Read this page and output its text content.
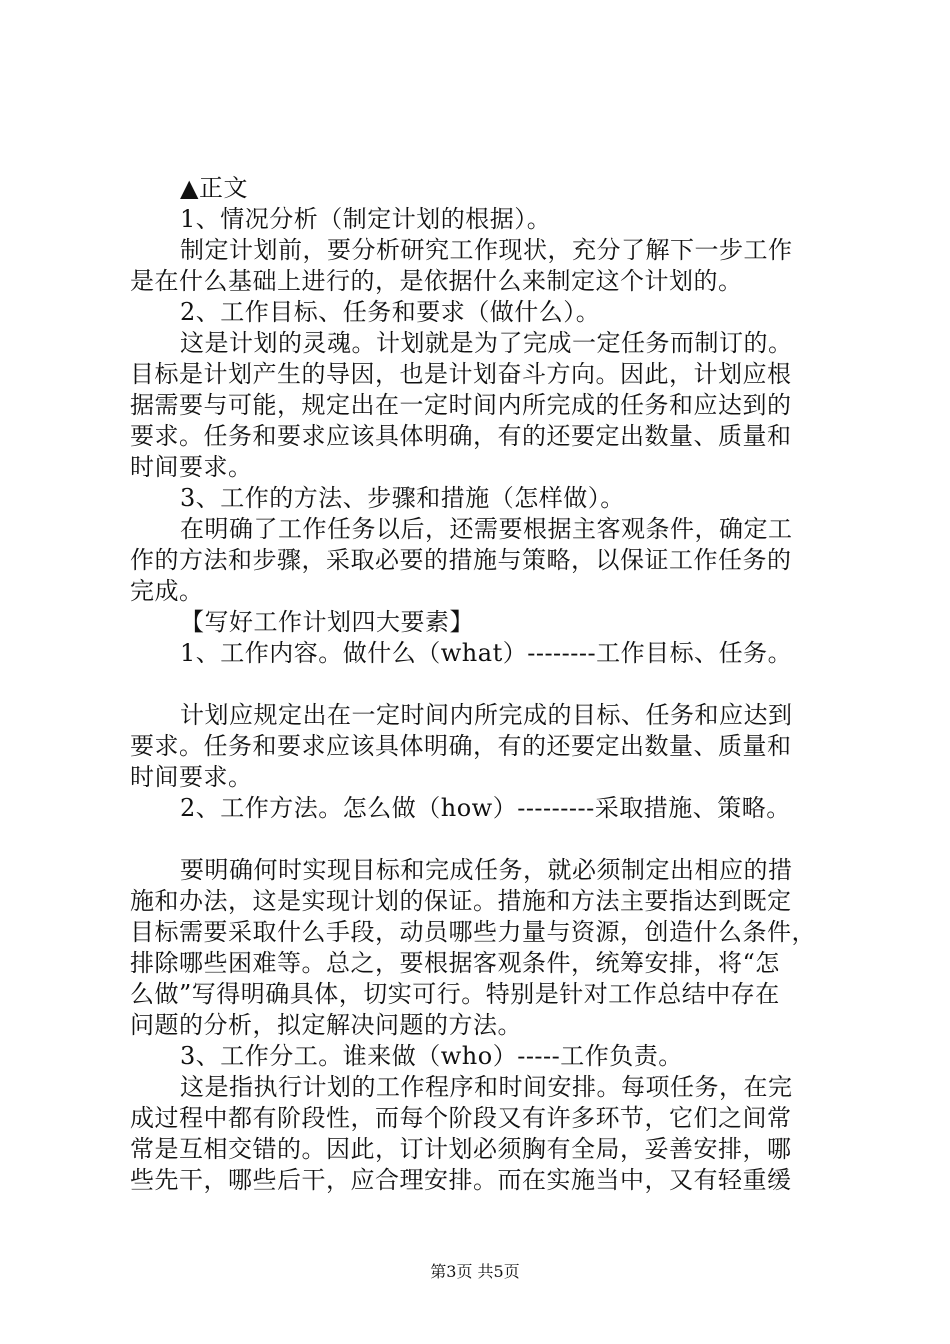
▲正文
1、情况分析（制定计划的根据）。
制定计划前，要分析研究工作现状，充分了解下一步工作
是在什么基础上进行的，是依据什么来制定这个计划的。
2、工作目标、任务和要求（做什么）。
这是计划的灵魂。计划就是为了完成一定任务而制订的。
目标是计划产生的导因，也是计划奋斗方向。因此，计划应根
据需要与可能，规定出在一定时间内所完成的任务和应达到的
要求。任务和要求应该具体明确，有的还要定出数量、质量和
时间要求。
3、工作的方法、步骤和措施（怎样做）。
在明确了工作任务以后，还需要根据主客观条件，确定工
作的方法和步骤，采取必要的措施与策略，以保证工作任务的
完成。
【写好工作计划四大要素】
1、工作内容。做什么（what）--------工作目标、任务。
计划应规定出在一定时间内所完成的目标、任务和应达到
要求。任务和要求应该具体明确，有的还要定出数量、质量和
时间要求。
2、工作方法。怎么做（how）---------采取措施、策略。
要明确何时实现目标和完成任务，就必须制定出相应的措
施和办法，这是实现计划的保证。措施和方法主要指达到既定
目标需要采取什么手段，动员哪些力量与资源，创造什么条件，
排除哪些困难等。总之，要根据客观条件，统筹安排，将“怎
么做”写得明确具体，切实可行。特别是针对工作总结中存在
问题的分析，拟定解决问题的方法。
3、工作分工。谁来做（who）-----工作负责。
这是指执行计划的工作程序和时间安排。每项任务，在完
成过程中都有阶段性，而每个阶段又有许多环节，它们之间常
常是互相交错的。因此，订计划必须胸有全局，妥善安排，哪
些先干，哪些后干，应合理安排。而在实施当中，又有轻重缓
第3页 共5页
